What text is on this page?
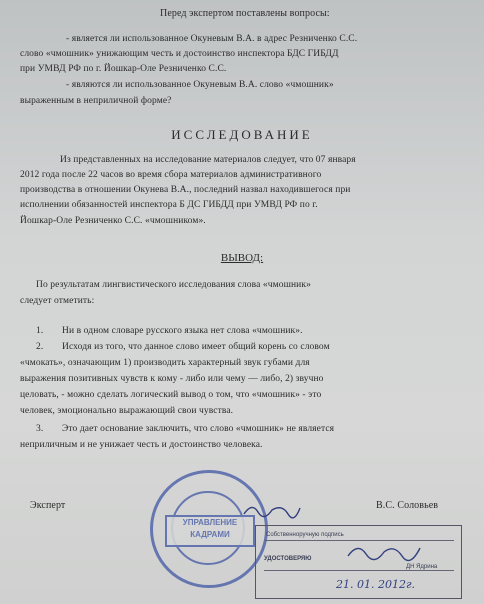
Перед экспертом поставлены вопросы:
- является ли использованное Окуневым В.А. в адрес Резниченко С.С.
слово «чмошник» унижающим честь и достоинство инспектора БДС ГИБДД
при УМВД РФ по г. Йошкар-Оле Резниченко С.С.
- являются ли использованное Окуневым В.А. слово «чмошник»
выраженным в неприличной форме?
ИССЛЕДОВАНИЕ
Из представленных на исследование материалов следует, что 07 января
2012 года после 22 часов во время сбора материалов административного
производства в отношении Окунева В.А., последний назвал находившегося при
исполнении обязанностей инспектора Б ДС ГИБДД при УМВД РФ по г.
Йошкар-Оле Резниченко С.С. «чмошником».
ВЫВОД:
По результатам лингвистического исследования слова «чмошник»
следует отметить:
1. Ни в одном словаре русского языка нет слова «чмошник».
2. Исходя из того, что данное слово имеет общий корень со словом
«чмокать», означающим 1) производить характерный звук губами для
выражения позитивных чувств к кому - либо или чему — либо, 2) звучно
целовать, - можно сделать логический вывод о том, что «чмошник» - это
человек, эмоционально выражающий свои чувства.
3. Это дает основание заключить, что слово «чмошник» не является
неприличным и не унижает честь и достоинство человека.
Эксперт	В.С. Соловьев
УПРАВЛЕНИЕ КАДРАМИ	Собственноручную подпись
УДОСТОВЕРЯЮ
ДН Ядрина
21. 01. 2012г.
